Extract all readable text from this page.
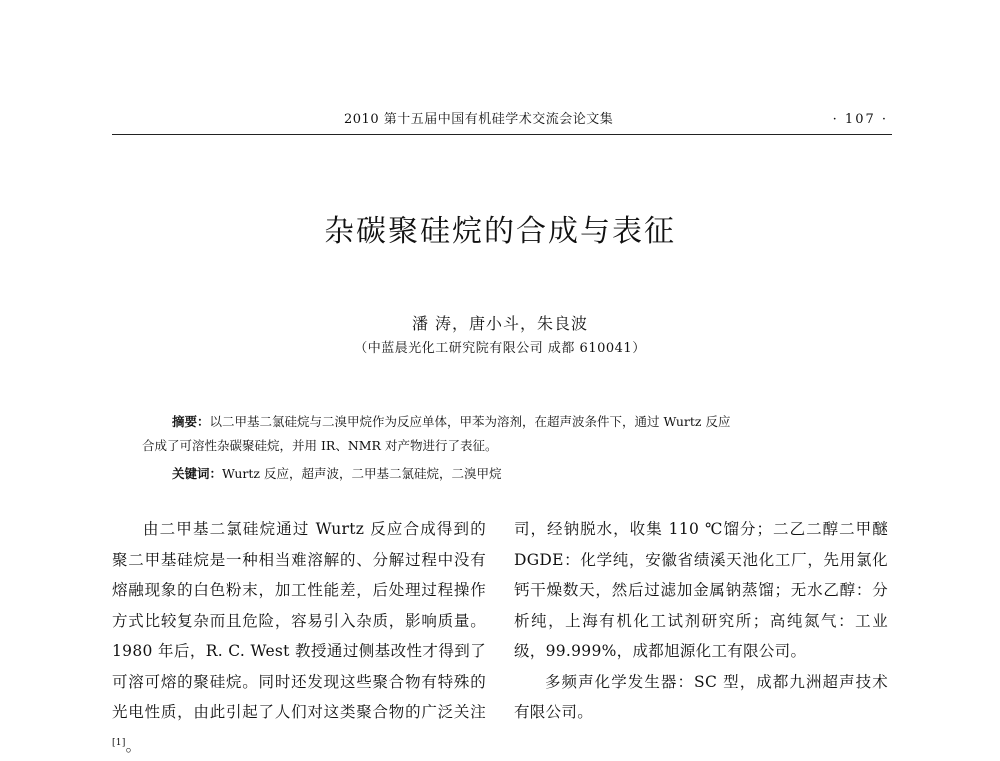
2010 第十五届中国有机硅学术交流会论文集	· 107 ·
杂碳聚硅烷的合成与表征
潘 涛，唐小斗，朱良波
（中蓝晨光化工研究院有限公司 成都 610041）
摘要：以二甲基二氯硅烷与二溴甲烷作为反应单体，甲苯为溶剂，在超声波条件下，通过 Wurtz 反应
合成了可溶性杂碳聚硅烷，并用 IR、NMR 对产物进行了表征。
关键词：Wurtz 反应，超声波，二甲基二氯硅烷，二溴甲烷

由二甲基二氯硅烷通过 Wurtz 反应合成得到的聚二甲基硅烷是一种相当难溶解的、分解过程中没有熔融现象的白色粉末，加工性能差，后处理过程操作方式比较复杂而且危险，容易引入杂质，影响质量。1980 年后，R. C. West 教授通过侧基改性才得到了可溶可熔的聚硅烷。同时还发现这些聚合物有特殊的光电性质，由此引起了人们对这类聚合物的广泛关注[1]。

司，经钠脱水，收集 110 ℃馏分；二乙二醇二甲醚 DGDE：化学纯，安徽省绩溪天池化工厂，先用氯化钙干燥数天，然后过滤加金属钠蒸馏；无水乙醇：分析纯，上海有机化工试剂研究所；高纯氮气：工业级，99.999%，成都旭源化工有限公司。

多频声化学发生器：SC 型，成都九洲超声技术有限公司。
